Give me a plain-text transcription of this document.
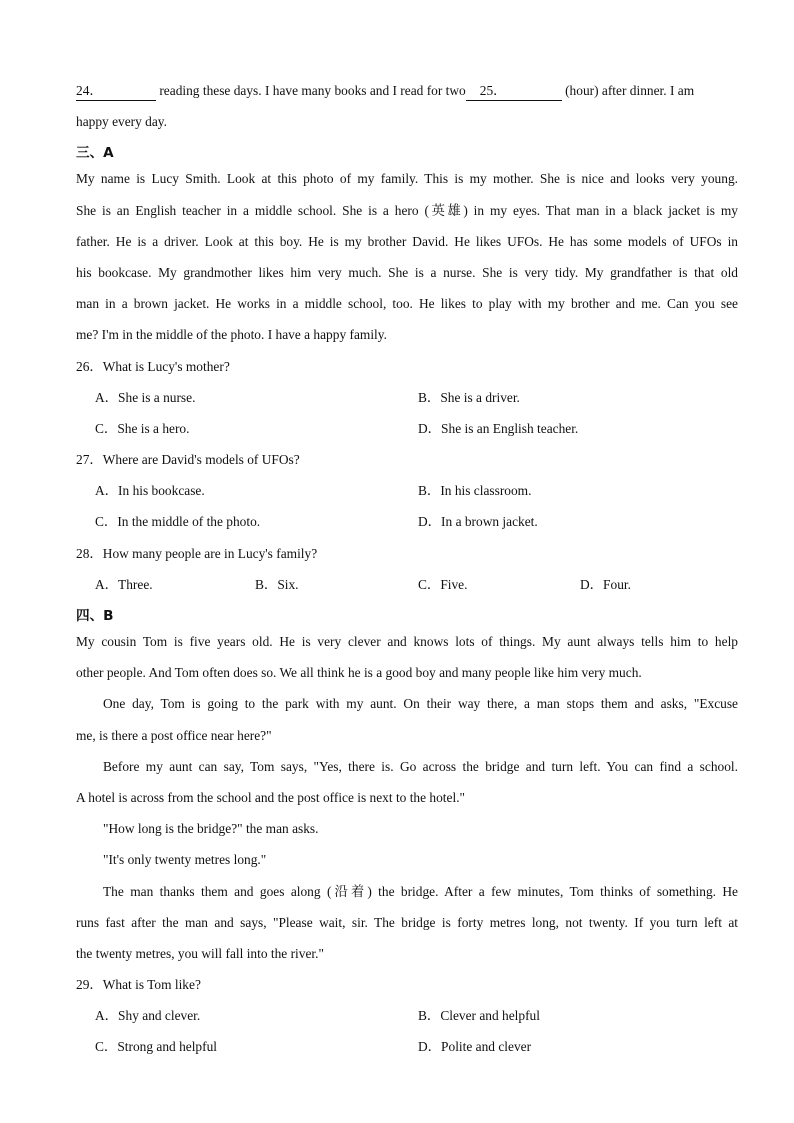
24．	reading these days. I have many books and I read for two 25．	(hour) after dinner. I am
happy every day.
三、A
My name is Lucy Smith. Look at this photo of my family. This is my mother. She is nice and looks very young.
She is an English teacher in a middle school. She is a hero (英雄) in my eyes. That man in a black jacket is my
father. He is a driver. Look at this boy. He is my brother David. He likes UFOs. He has some models of UFOs in
his bookcase. My grandmother likes him very much. She is a nurse. She is very tidy. My grandfather is that old
man in a brown jacket. He works in a middle school, too. He likes to play with my brother and me. Can you see
me? I'm in the middle of the photo. I have a happy family.
26．What is Lucy's mother?
A．She is a nurse.	B．She is a driver.
C．She is a hero.	D．She is an English teacher.
27．Where are David's models of UFOs?
A．In his bookcase.	B．In his classroom.
C．In the middle of the photo.	D．In a brown jacket.
28．How many people are in Lucy's family?
A．Three.	B．Six.	C．Five.	D．Four.
四、B
My cousin Tom is five years old. He is very clever and knows lots of things. My aunt always tells him to help
other people. And Tom often does so. We all think he is a good boy and many people like him very much.
One day, Tom is going to the park with my aunt. On their way there, a man stops them and asks, "Excuse
me, is there a post office near here?"
Before my aunt can say, Tom says, "Yes, there is. Go across the bridge and turn left. You can find a school.
A hotel is across from the school and the post office is next to the hotel."
"How long is the bridge?" the man asks.
"It's only twenty metres long."
The man thanks them and goes along (沿着) the bridge. After a few minutes, Tom thinks of something. He
runs fast after the man and says, "Please wait, sir. The bridge is forty metres long, not twenty. If you turn left at
the twenty metres, you will fall into the river."
29．What is Tom like?
A．Shy and clever.	B．Clever and helpful
C．Strong and helpful	D．Polite and clever
